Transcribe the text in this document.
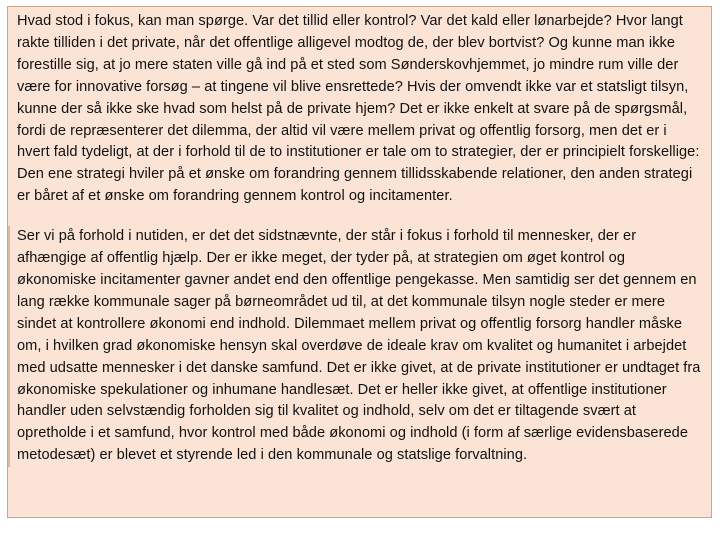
Hvad stod i fokus, kan man spørge. Var det tillid eller kontrol? Var det kald eller lønarbejde? Hvor langt rakte tilliden i det private, når det offentlige alligevel modtog de, der blev bortvist? Og kunne man ikke forestille sig, at jo mere staten ville gå ind på et sted som Sønderskovhjemmet, jo mindre rum ville der være for innovative forsøg – at tingene vil blive ensrettede? Hvis der omvendt ikke var et statsligt tilsyn, kunne der så ikke ske hvad som helst på de private hjem? Det er ikke enkelt at svare på de spørgsmål, fordi de repræsenterer det dilemma, der altid vil være mellem privat og offentlig forsorg, men det er i hvert fald tydeligt, at der i forhold til de to institutioner er tale om to strategier, der er principielt forskellige: Den ene strategi hviler på et ønske om forandring gennem tillidsskabende relationer, den anden strategi er båret af et ønske om forandring gennem kontrol og incitamenter.

Ser vi på forhold i nutiden, er det det sidstnævnte, der står i fokus i forhold til mennesker, der er afhængige af offentlig hjælp. Der er ikke meget, der tyder på, at strategien om øget kontrol og økonomiske incitamenter gavner andet end den offentlige pengekasse. Men samtidig ser det gennem en lang række kommunale sager på børneområdet ud til, at det kommunale tilsyn nogle steder er mere sindet at kontrollere økonomi end indhold. Dilemmaet mellem privat og offentlig forsorg handler måske om, i hvilken grad økonomiske hensyn skal overdøve de ideale krav om kvalitet og humanitet i arbejdet med udsatte mennesker i det danske samfund. Det er ikke givet, at de private institutioner er undtaget fra økonomiske spekulationer og inhumane handlesæt. Det er heller ikke givet, at offentlige institutioner handler uden selvstændig forholden sig til kvalitet og indhold, selv om det er tiltagende svært at opretholde i et samfund, hvor kontrol med både økonomi og indhold (i form af særlige evidensbaserede metodesæt) er blevet et styrende led i den kommunale og statslige forvaltning.
